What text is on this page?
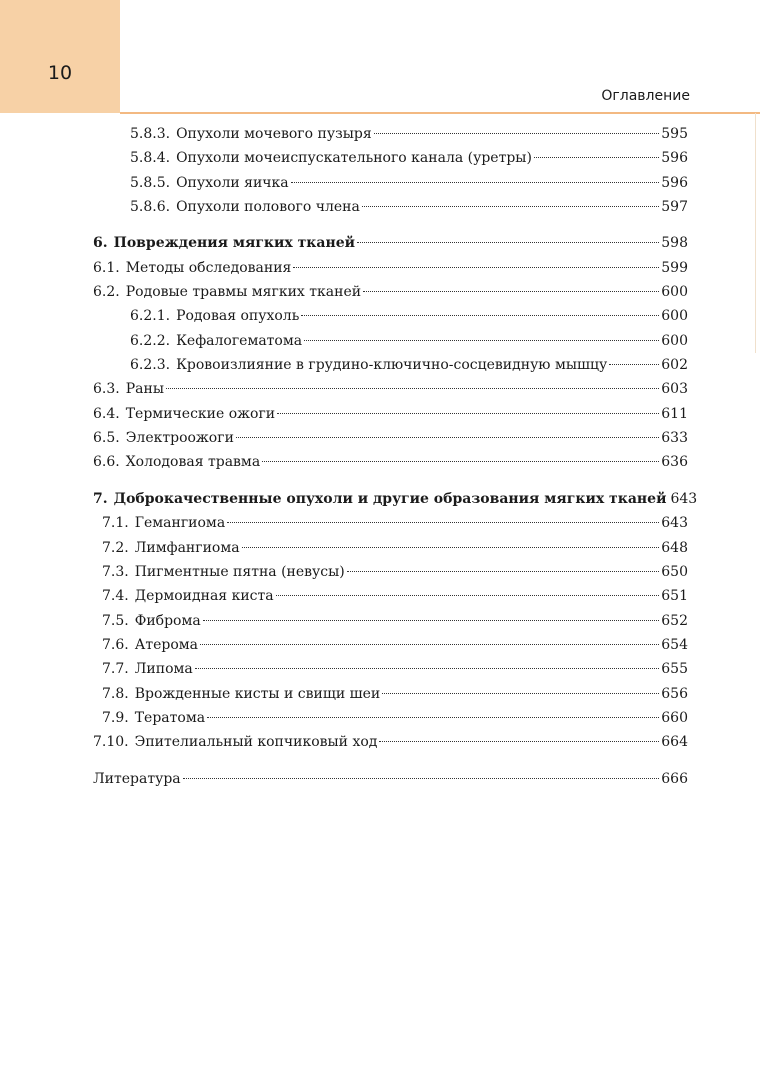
10
Оглавление
5.8.3. Опухоли мочевого пузыря	595
5.8.4. Опухоли мочеиспускательного канала (уретры)	596
5.8.5. Опухоли яичка	596
5.8.6. Опухоли полового члена	597
6. Повреждения мягких тканей	598
6.1. Методы обследования	599
6.2. Родовые травмы мягких тканей	600
6.2.1. Родовая опухоль	600
6.2.2. Кефалогематома	600
6.2.3. Кровоизлияние в грудино-ключично-сосцевидную мышцу	602
6.3. Раны	603
6.4. Термические ожоги	611
6.5. Электроожоги	633
6.6. Холодовая травма	636
7. Доброкачественные опухоли и другие образования мягких тканей 643
7.1. Гемангиома	643
7.2. Лимфангиома	648
7.3. Пигментные пятна (невусы)	650
7.4. Дермоидная киста	651
7.5. Фиброма	652
7.6. Атерома	654
7.7. Липома	655
7.8. Врожденные кисты и свищи шеи	656
7.9. Тератома	660
7.10. Эпителиальный копчиковый ход	664
Литература	666
